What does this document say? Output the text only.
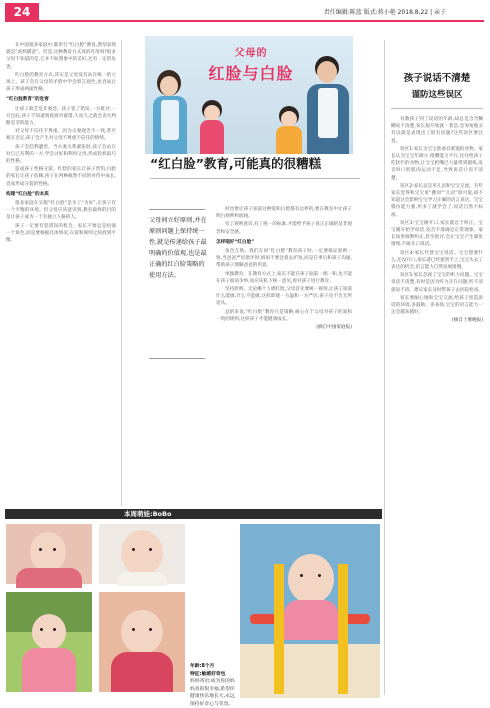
24	责任编辑:陈蓝 版式:蒋小艳 2018.8.22 | 亲子

在中国很多家庭中,都奉行“红白脸”教育,典型表现就是“虎妈猫爸”。但是,这种教育方式真的有用吗?很多父母不知道的是,它并不如想象中的美好,还有一定的危害。

红白脸的教育方式,其实是父母没有站在统一的立场上。孩子会在父母的矛盾中学会察言观色,也容易让孩子形成两面性格。

“红白脸教育”的危害

让孩子缺乏是非观念。孩子犯了错误,一方批评,一方包庇,孩子不知道到底谁对谁错,久而久之就会丧失判断是非的能力。

对父母不信任不尊重。因为夫妻观念不一致,甚至相互否定,孩子会产生对父母不尊重不信任的情绪。

孩子会趋利避害。当夫妻关系紧张时,孩子会站在对自己有利的一方,学会讨好和利用父母,形成投机取巧的性格。

造成孩子性格分裂。红脸的家长让孩子害怕,白脸的家长让孩子依赖,孩子在两种截然不同的对待中成长,容易形成分裂的性格。

构建“红白脸”的本质

很多家庭在实施“红白脸”是为了“为好”,让孩子有一个平衡的环境。但父母应该意识到,教育最终的目的是让孩子成为一个有独立人格的人。

孩子一定要有犯错误的机会。家长不要总是扮演一个角色,而是要根据具体情况,在爱和规则之间找到平衡。

父母的
红脸与白脸
“红白脸”教育,可能真的很糟糕
父母间立好原则,并在原则问题上保持统一性,就是传递给孩子最明确的价值观,也是最正确的红白脸策略的使用方法。

时也要让孩子知道这种爱和白脸都有边界的,要在教育中让孩子明白规则和底线。

有了规则意识,有了统一的标准,才能给予孩子真正正确的是非观念和安全感。

怎样唱好“红白脸”

角色互换。我们在同“红白脸”教育孩子时,一定要保证原则一致,当爸爸严厉批评时,妈妈不要急着去护短,而是在事后和孩子沟通,帮助孩子理解爸爸的用意。

单独教育。在教育方式上,家长不能在孩子面前一唱一和,也不能在孩子面前争吵,而应该私下统一意见,再对孩子进行教育。

坚持原则。无论哪个人唱红脸,父母首先要统一规则,让孩子知道什么能做,什么不能做,这样即使一方温和一方严厉,孩子也不会无所适从。

总的来说,“红白脸”教育只是策略,核心在于父母对孩子的爱和一致的规则,这样孩子才能健康成长。

(摘自中国家庭报)

孩子说话不清楚
谨防这些误区

有教孩子到了说话的年龄,却总是含含糊糊说不清楚,家长很开始就一着急,急匆匆地买有以就是表现出了很有问题?这些误区要注意。

误区1:家长为宝宝准备有难题的食物。家长认为宝宝年龄小,咀嚼能力不行,往往给孩子吃软烂的食物,让宝宝把嘴巴力量得到锻炼,发音时口腔肌肉运动不足,导致说话口齿不清楚。

误区2:家长总是用儿语和宝宝交流。有些家长觉得和宝宝说“叠词”“儿语”很可爱,却不知道这会影响宝宝学习正确的语言表达。宝宝模仿能力强,听多了就学会了,说话自然不标准。

误区3:宝宝刚开口,家长就急于纠正。宝宝刚开始学说话,发音不准确是正常现象。家长如果频繁纠正,甚至批评,会让宝宝产生紧张情绪,不敢开口说话。

误区4:家长代替宝宝说话。宝宝想要什么,还没开口,家长就已经递到手上,宝宝失去了表达的机会,语言能力自然发展缓慢。

误区5:家长忽视了宝宝的听力问题。宝宝说话不清楚,有时是因为听力存在问题,听不清就说不清。建议家长及时带孩子去医院检查。

家长要耐心地和宝宝交流,给孩子创造说话的环境,多鼓励、多表扬,宝宝的语言能力一定会越来越好。

(摘自十堰晚报)

本周萌娃:BoBo
年龄:8个月
特征:敏感好奇包
妈妈寄语:成为你的妈妈真的很幸福,希望你健康快乐地长大,永远保持好奇心与笑容。
